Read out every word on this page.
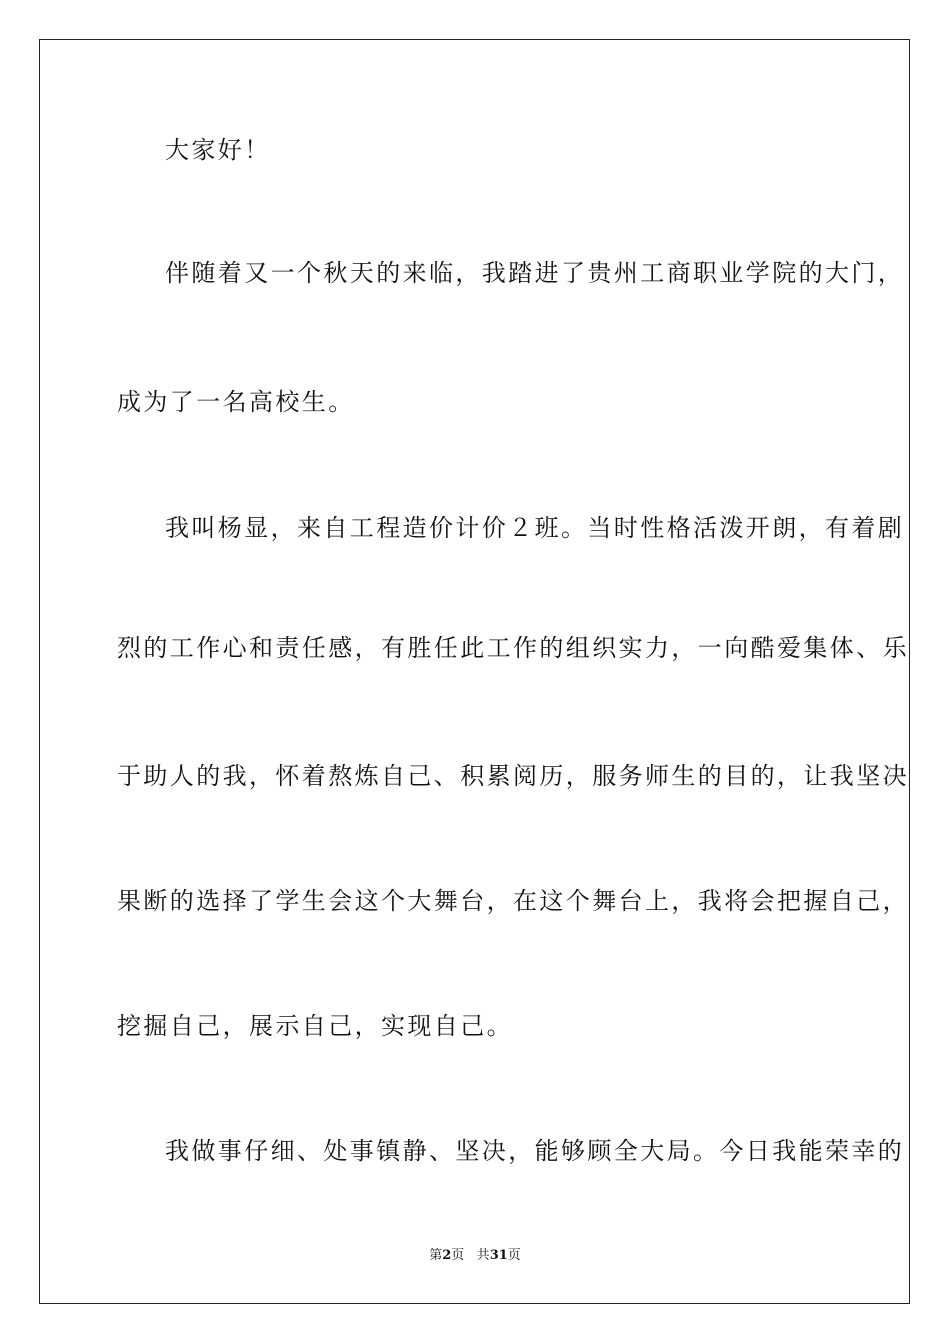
大家好！
伴随着又一个秋天的来临，我踏进了贵州工商职业学院的大门，
成为了一名高校生。
我叫杨显，来自工程造价计价２班。当时性格活泼开朗，有着剧
烈的工作心和责任感，有胜任此工作的组织实力，一向酷爱集体、乐
于助人的我，怀着熬炼自己、积累阅历，服务师生的目的，让我坚决
果断的选择了学生会这个大舞台，在这个舞台上，我将会把握自己，
挖掘自己，展示自己，实现自己。
我做事仔细、处事镇静、坚决，能够顾全大局。今日我能荣幸的
第2页 共31页
